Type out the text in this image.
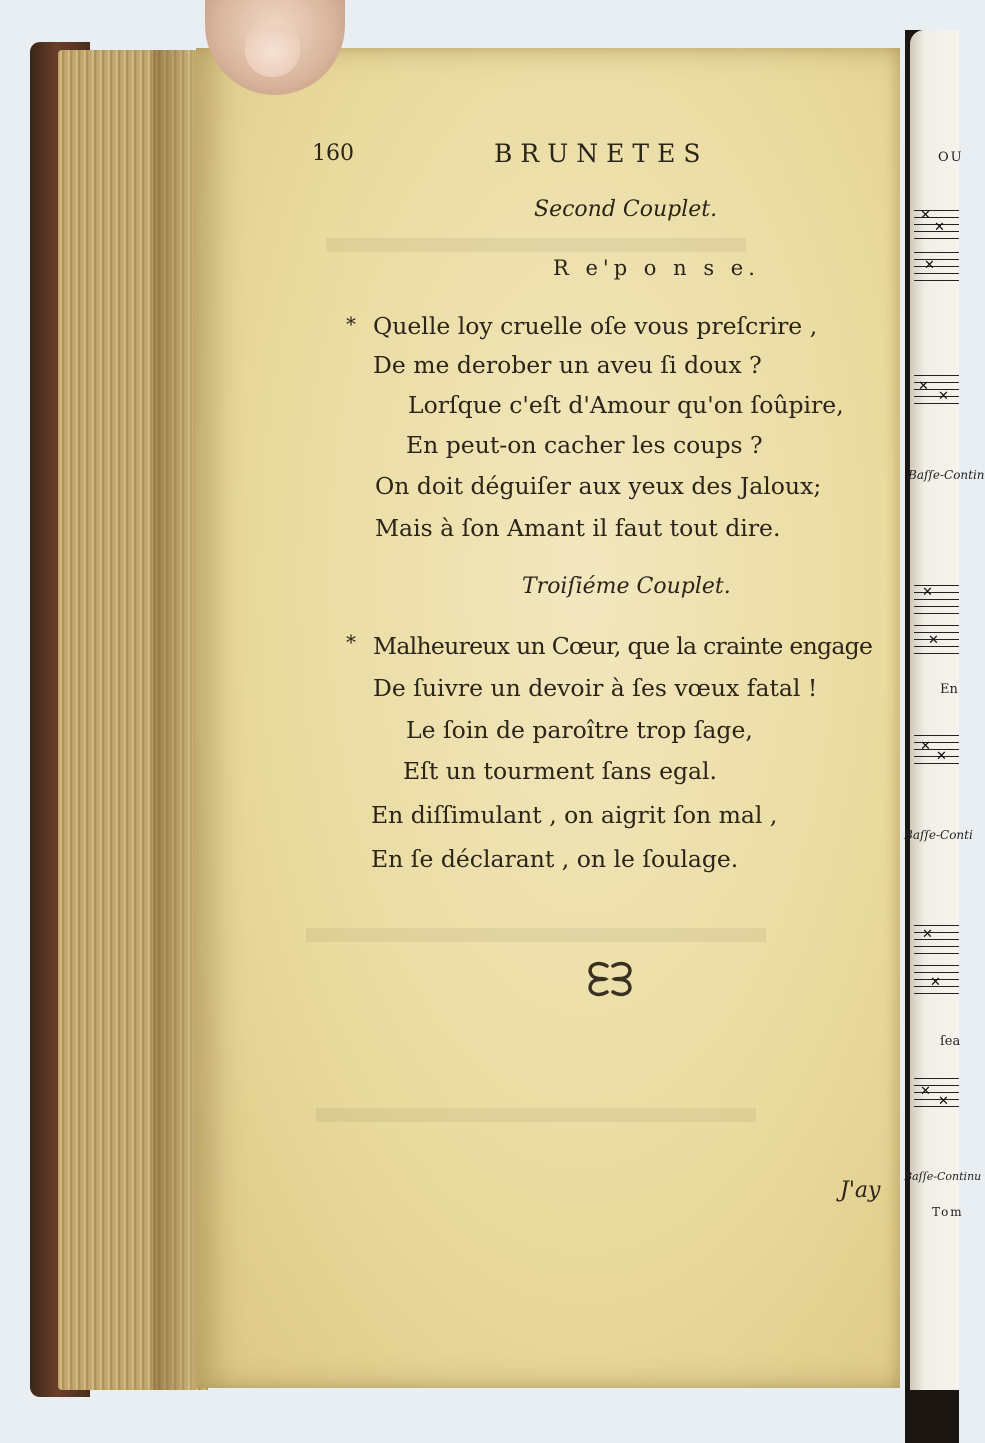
OU
✕
✕
✕
✕
✕
Baſſe-Contin
✕
✕
En
✕
✕
Baſſe-Conti
✕
✕
ſea
✕
✕
Baſſe-Continu
Tom
160	BRUNETES
Second Couplet.
R e'p o n s e.
* Quelle loy cruelle oſe vous preſcrire ,
De me derober un aveu ſi doux ?
Lorſque c'eſt d'Amour qu'on ſoûpire,
En peut-on cacher les coups ?
On doit déguiſer aux yeux des Jaloux;
Mais à ſon Amant il faut tout dire.
Troiſiéme Couplet.
* Malheureux un Cœur, que la crainte engage
De ſuivre un devoir à ſes vœux fatal !
Le ſoin de paroître trop ſage,
Eſt un tourment ſans egal.
En diſſimulant , on aigrit ſon mal ,
En ſe déclarant , on le ſoulage.
J'ay
